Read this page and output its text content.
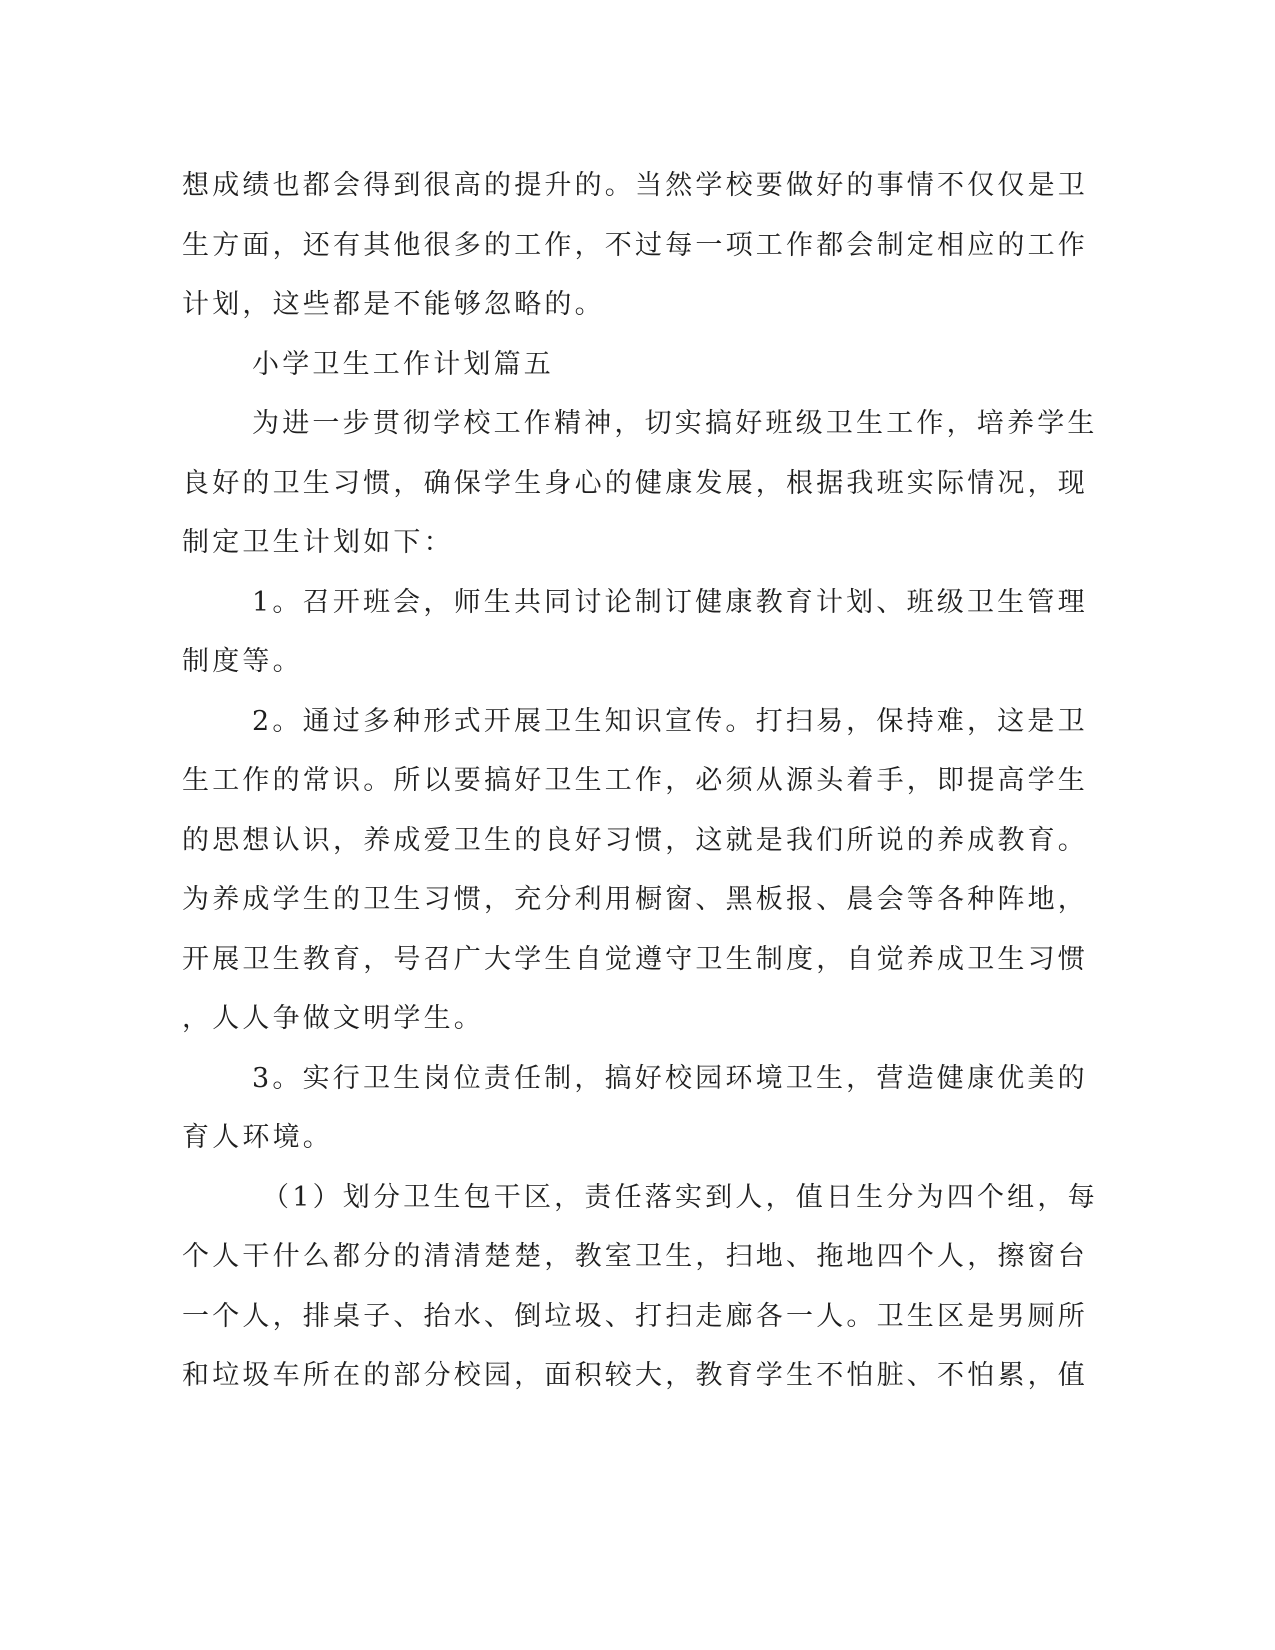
想成绩也都会得到很高的提升的。当然学校要做好的事情不仅仅是卫
生方面，还有其他很多的工作，不过每一项工作都会制定相应的工作
计划，这些都是不能够忽略的。
小学卫生工作计划篇五
为进一步贯彻学校工作精神，切实搞好班级卫生工作，培养学生
良好的卫生习惯，确保学生身心的健康发展，根据我班实际情况，现
制定卫生计划如下：
1。召开班会，师生共同讨论制订健康教育计划、班级卫生管理
制度等。
2。通过多种形式开展卫生知识宣传。打扫易，保持难，这是卫
生工作的常识。所以要搞好卫生工作，必须从源头着手，即提高学生
的思想认识，养成爱卫生的良好习惯，这就是我们所说的养成教育。
为养成学生的卫生习惯，充分利用橱窗、黑板报、晨会等各种阵地，
开展卫生教育，号召广大学生自觉遵守卫生制度，自觉养成卫生习惯
，人人争做文明学生。
3。实行卫生岗位责任制，搞好校园环境卫生，营造健康优美的
育人环境。
（1）划分卫生包干区，责任落实到人，值日生分为四个组，每
个人干什么都分的清清楚楚，教室卫生，扫地、拖地四个人，擦窗台
一个人，排桌子、抬水、倒垃圾、打扫走廊各一人。卫生区是男厕所
和垃圾车所在的部分校园，面积较大，教育学生不怕脏、不怕累，值
